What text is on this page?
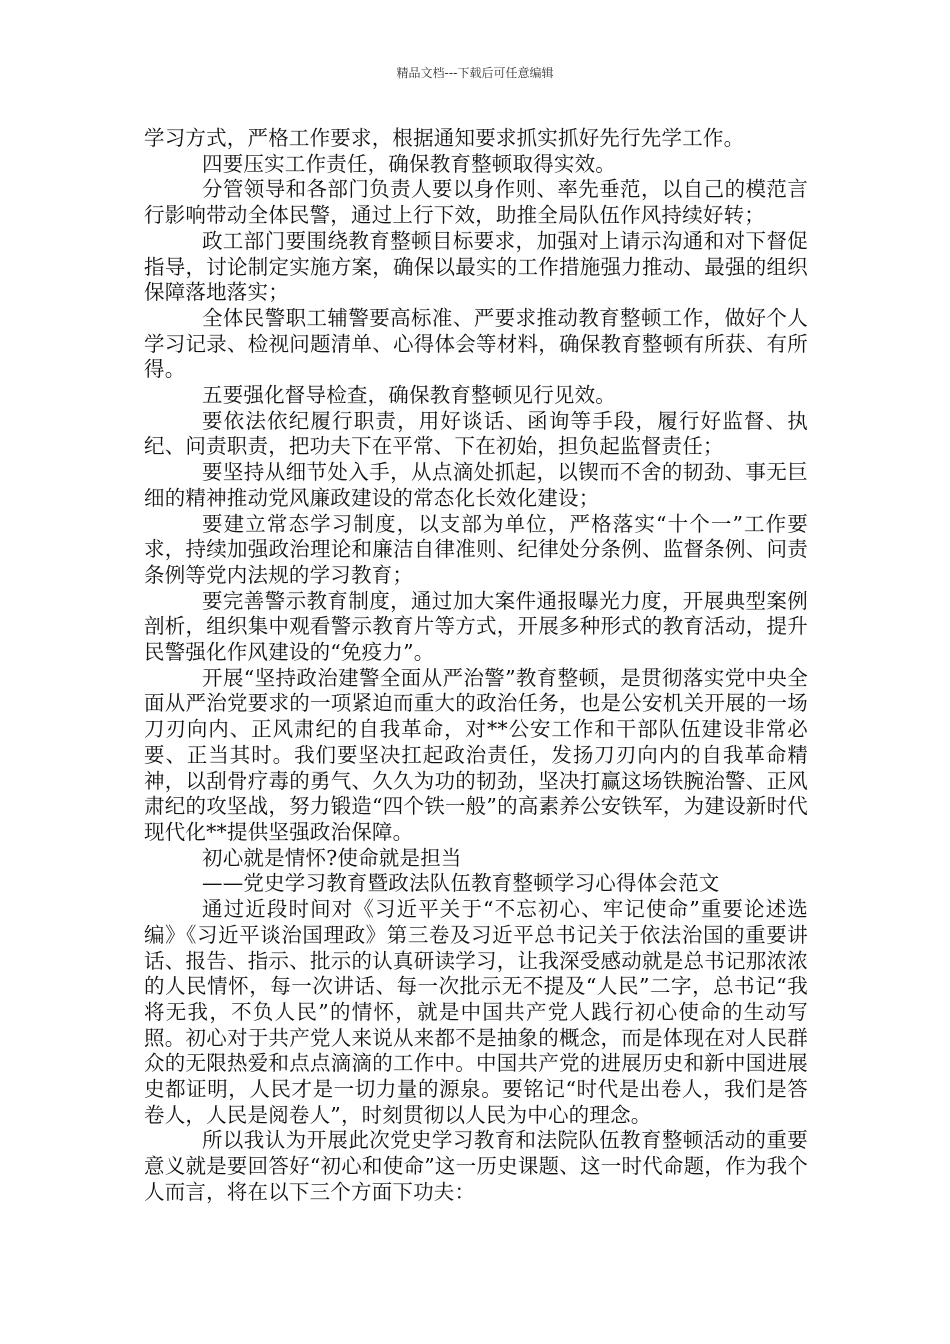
精品文档---下载后可任意编辑

学习方式，严格工作要求，根据通知要求抓实抓好先行先学工作。

四要压实工作责任，确保教育整顿取得实效。

分管领导和各部门负责人要以身作则、率先垂范，以自己的模范言行影响带动全体民警，通过上行下效，助推全局队伍作风持续好转；

政工部门要围绕教育整顿目标要求，加强对上请示沟通和对下督促指导，讨论制定实施方案，确保以最实的工作措施强力推动、最强的组织保障落地落实；

全体民警职工辅警要高标准、严要求推动教育整顿工作，做好个人学习记录、检视问题清单、心得体会等材料，确保教育整顿有所获、有所得。

五要强化督导检查，确保教育整顿见行见效。

要依法依纪履行职责，用好谈话、函询等手段，履行好监督、执纪、问责职责，把功夫下在平常、下在初始，担负起监督责任；

要坚持从细节处入手，从点滴处抓起，以锲而不舍的韧劲、事无巨细的精神推动党风廉政建设的常态化长效化建设；

要建立常态学习制度，以支部为单位，严格落实“十个一”工作要求，持续加强政治理论和廉洁自律准则、纪律处分条例、监督条例、问责条例等党内法规的学习教育；

要完善警示教育制度，通过加大案件通报曝光力度，开展典型案例剖析，组织集中观看警示教育片等方式，开展多种形式的教育活动，提升民警强化作风建设的“免疫力”。

开展“坚持政治建警全面从严治警”教育整顿，是贯彻落实党中央全面从严治党要求的一项紧迫而重大的政治任务，也是公安机关开展的一场刀刃向内、正风肃纪的自我革命，对**公安工作和干部队伍建设非常必要、正当其时。我们要坚决扛起政治责任，发扬刀刃向内的自我革命精神，以刮骨疗毒的勇气、久久为功的韧劲，坚决打赢这场铁腕治警、正风肃纪的攻坚战，努力锻造“四个铁一般”的高素养公安铁军，为建设新时代现代化**提供坚强政治保障。

初心就是情怀?使命就是担当

——党史学习教育暨政法队伍教育整顿学习心得体会范文

通过近段时间对《习近平关于“不忘初心、牢记使命”重要论述选编》《习近平谈治国理政》第三卷及习近平总书记关于依法治国的重要讲话、报告、指示、批示的认真研读学习，让我深受感动就是总书记那浓浓的人民情怀，每一次讲话、每一次批示无不提及“人民”二字，总书记“我将无我，不负人民”的情怀，就是中国共产党人践行初心使命的生动写照。初心对于共产党人来说从来都不是抽象的概念，而是体现在对人民群众的无限热爱和点点滴滴的工作中。中国共产党的进展历史和新中国进展史都证明，人民才是一切力量的源泉。要铭记“时代是出卷人，我们是答卷人，人民是阅卷人”，时刻贯彻以人民为中心的理念。

所以我认为开展此次党史学习教育和法院队伍教育整顿活动的重要意义就是要回答好“初心和使命”这一历史课题、这一时代命题，作为我个人而言，将在以下三个方面下功夫：
